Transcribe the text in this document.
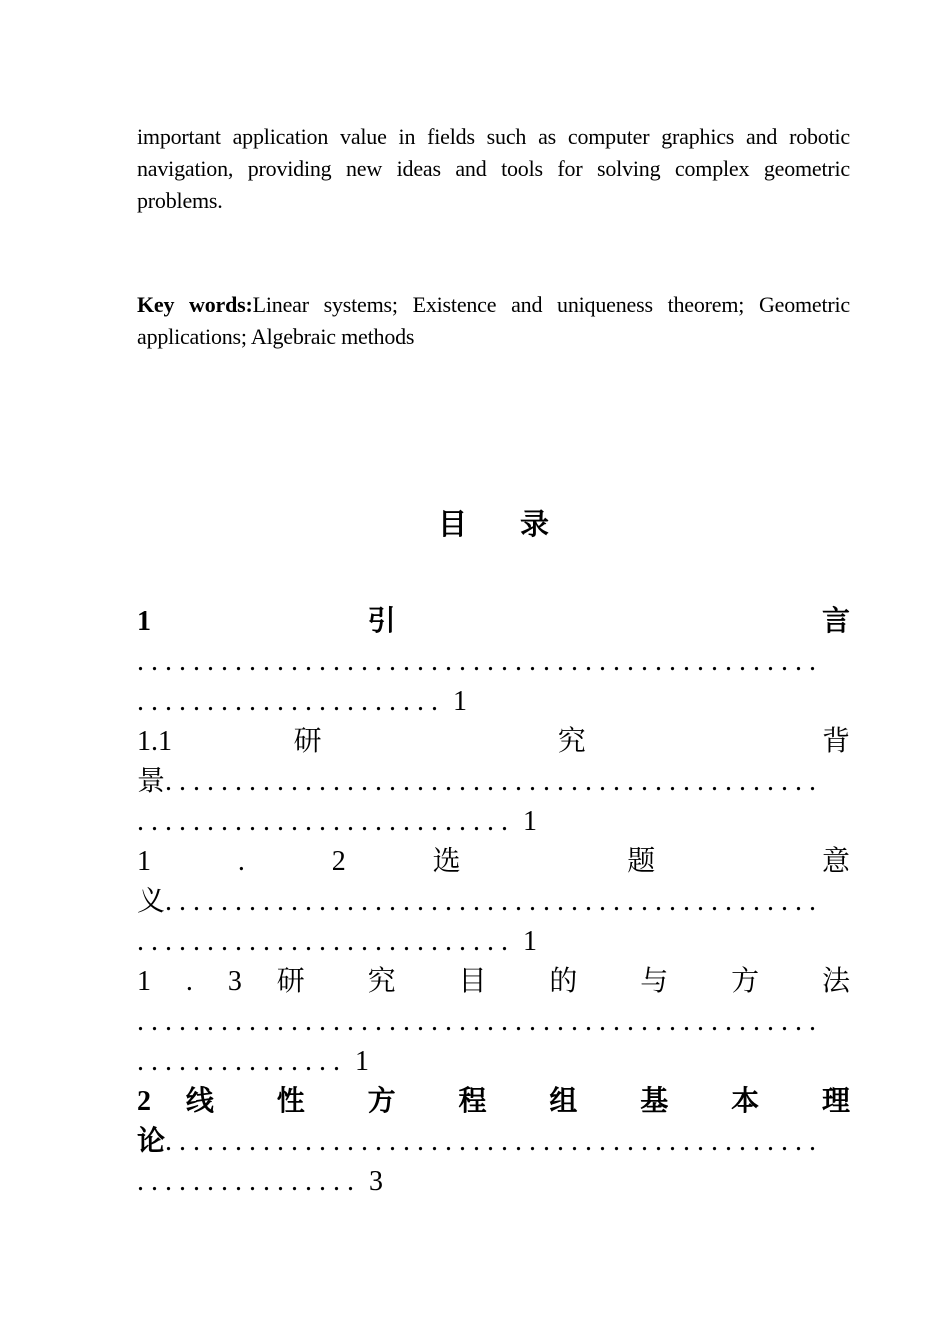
important application value in fields such as computer graphics and robotic navigation, providing new ideas and tools for solving complex geometric problems.

Key words:Linear systems; Existence and uniqueness theorem; Geometric applications; Algebraic methods

目    录
1 引 言
.................................................
...................... 1
1.1 研 究 背
景...............................................
........................... 1
1 . 2 选 题 意
义...............................................
........................... 1
1 . 3 研 究 目 的 与 方 法
.................................................
............... 1
2 线 性 方 程 组 基 本 理
论...............................................
................ 3
